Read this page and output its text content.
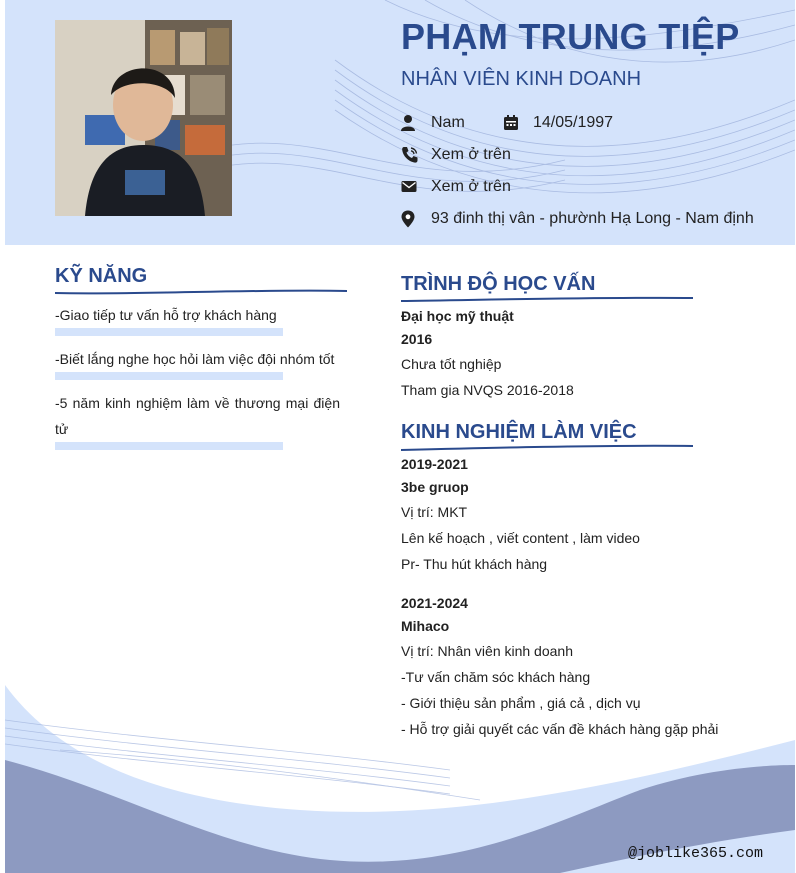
PHẠM TRUNG TIỆP
NHÂN VIÊN KINH DOANH
Nam	14/05/1997
Xem ở trên
Xem ở trên
93 đinh thị vân - phườnh Hạ Long - Nam định
KỸ NĂNG
-Giao tiếp tư vấn hỗ trợ khách hàng
-Biết lắng nghe học hỏi làm việc đội nhóm tốt
-5 năm kinh nghiệm làm về thương mại điện tử
TRÌNH ĐỘ HỌC VẤN
Đại học mỹ thuật
2016
Chưa tốt nghiệp
Tham gia NVQS 2016-2018
KINH NGHIỆM LÀM VIỆC
2019-2021
3be gruop
Vị trí: MKT
Lên kế hoạch , viết content , làm video
Pr- Thu hút khách hàng
2021-2024
Mihaco
Vị trí: Nhân viên kinh doanh
-Tư vấn chăm sóc khách hàng
- Giới thiệu sản phẩm , giá cả , dịch vụ
- Hỗ trợ giải quyết các vấn đề khách hàng gặp phải
@joblike365.com
